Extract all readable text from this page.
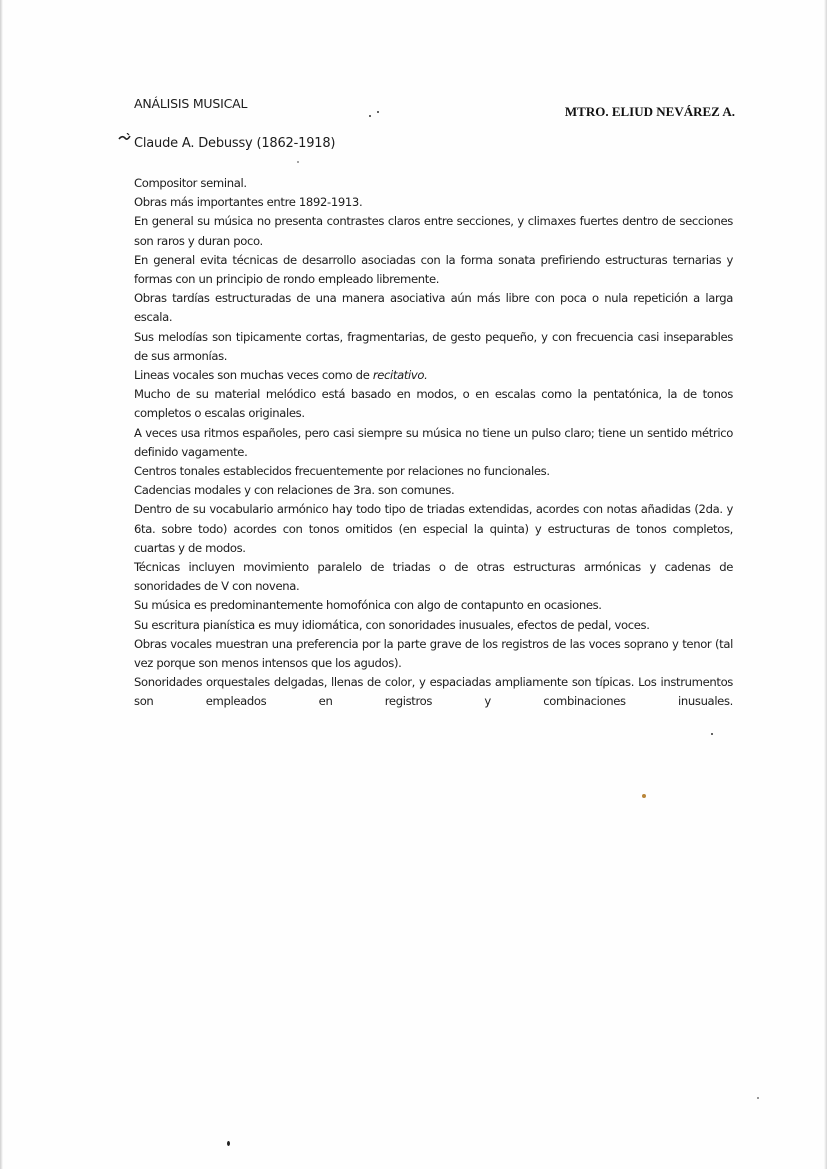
ANÁLISIS MUSICAL
MTRO. ELIUD NEVÁREZ A.
Claude A. Debussy (1862-1918)

Compositor seminal.

Obras más importantes entre 1892-1913.

En general su música no presenta contrastes claros entre secciones, y climaxes fuertes dentro de secciones son raros y duran poco.

En general evita técnicas de desarrollo asociadas con la forma sonata prefiriendo estructuras ternarias y formas con un principio de rondo empleado libremente.

Obras tardías estructuradas de una manera asociativa aún más libre con poca o nula repetición a larga escala.

Sus melodías son tipicamente cortas, fragmentarias, de gesto pequeño, y con frecuencia casi inseparables de sus armonías.

Lineas vocales son muchas veces como de recitativo.

Mucho de su material melódico está basado en modos, o en escalas como la pentatónica, la de tonos completos o escalas originales.

A veces usa ritmos españoles, pero casi siempre su música no tiene un pulso claro; tiene un sentido métrico definido vagamente.

Centros tonales establecidos frecuentemente por relaciones no funcionales.

Cadencias modales y con relaciones de 3ra. son comunes.

Dentro de su vocabulario armónico hay todo tipo de triadas extendidas, acordes con notas añadidas (2da. y 6ta. sobre todo) acordes con tonos omitidos (en especial la quinta) y estructuras de tonos completos, cuartas y de modos.

Técnicas incluyen movimiento paralelo de triadas o de otras estructuras armónicas y cadenas de sonoridades de V con novena.

Su música es predominantemente homofónica con algo de contapunto en ocasiones.

Su escritura pianística es muy idiomática, con sonoridades inusuales, efectos de pedal, voces.

Obras vocales muestran una preferencia por la parte grave de los registros de las voces soprano y tenor (tal vez porque son menos intensos que los agudos).

Sonoridades orquestales delgadas, llenas de color, y espaciadas ampliamente son típicas. Los instrumentos son empleados en registros y combinaciones inusuales.
